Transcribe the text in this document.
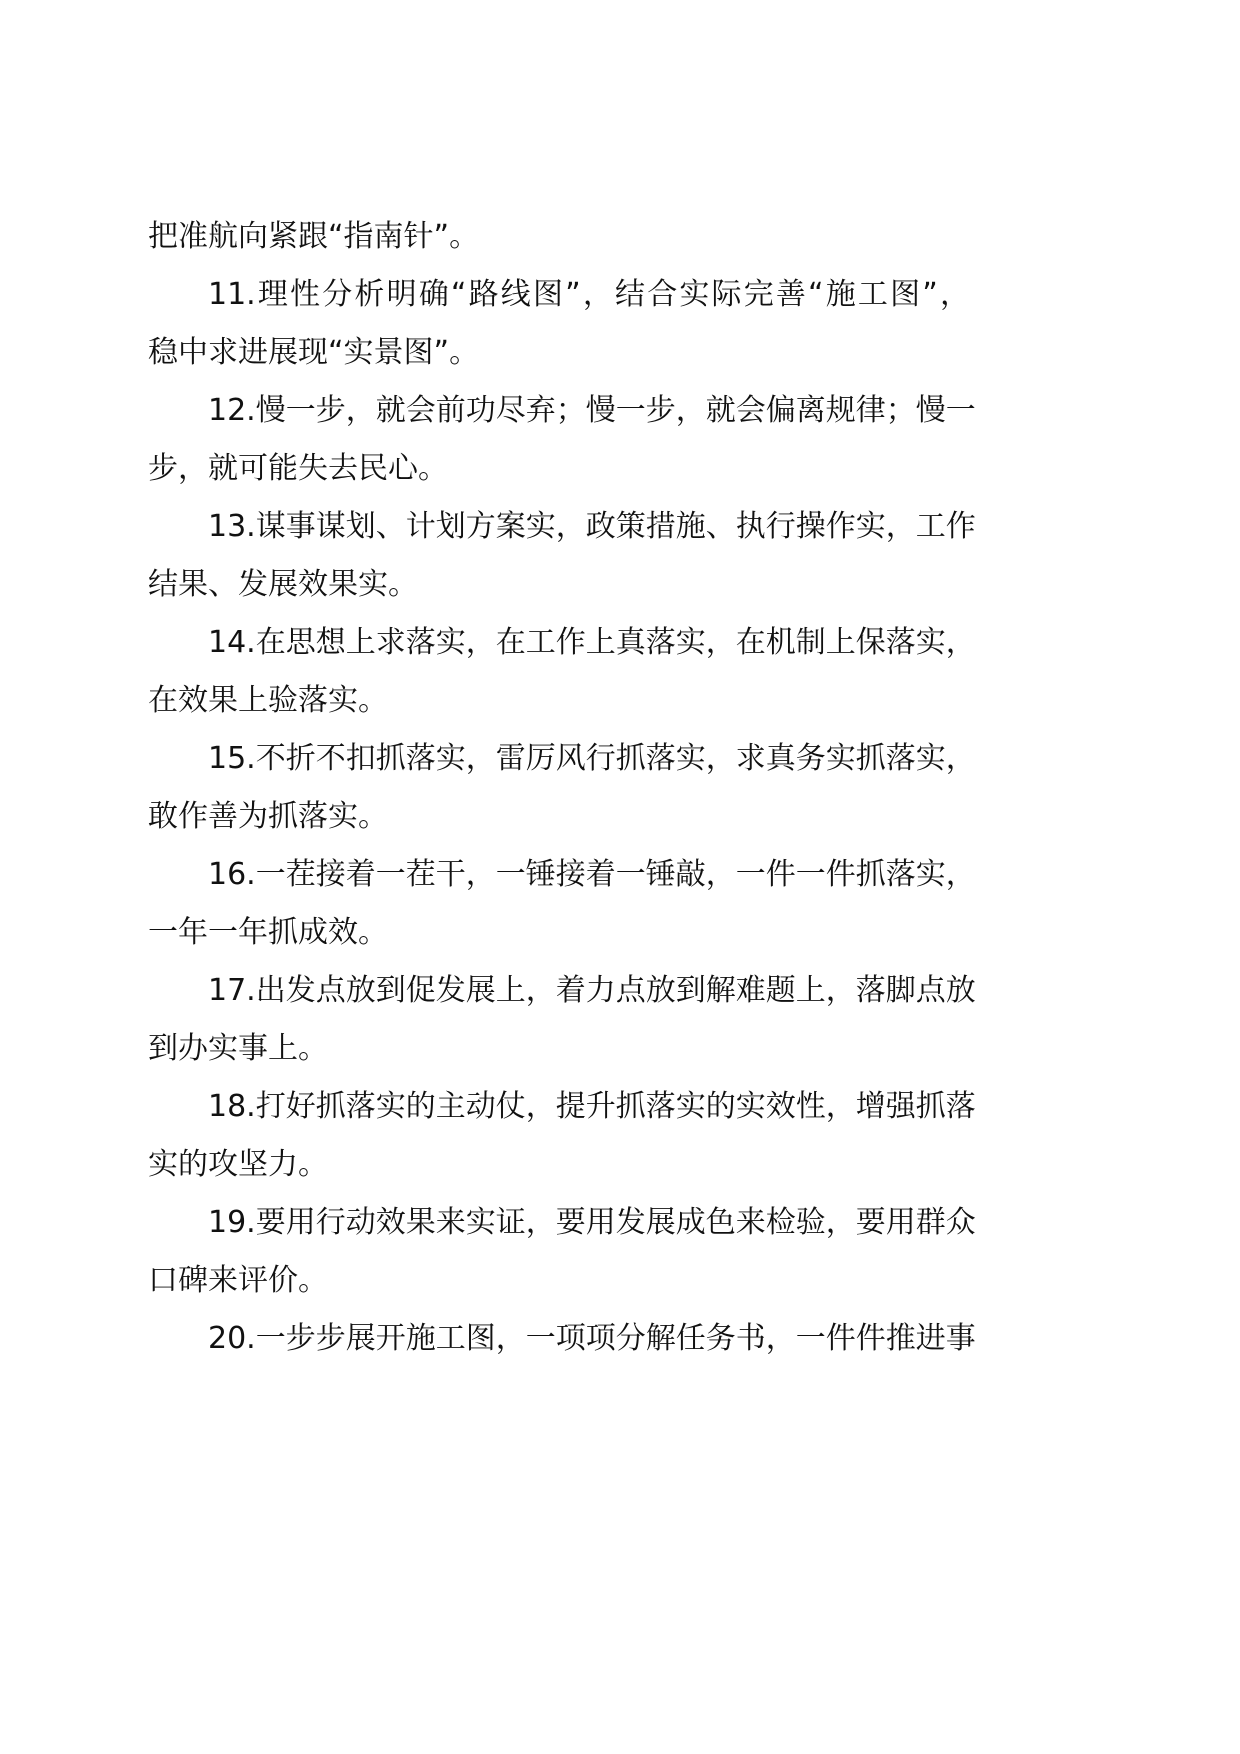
把准航向紧跟“指南针”。
11.理性分析明确“路线图”，结合实际完善“施工图”，
稳中求进展现“实景图”。
12.慢一步，就会前功尽弃；慢一步，就会偏离规律；慢一
步，就可能失去民心。
13.谋事谋划、计划方案实，政策措施、执行操作实，工作
结果、发展效果实。
14.在思想上求落实，在工作上真落实，在机制上保落实，
在效果上验落实。
15.不折不扣抓落实，雷厉风行抓落实，求真务实抓落实，
敢作善为抓落实。
16.一茬接着一茬干，一锤接着一锤敲，一件一件抓落实，
一年一年抓成效。
17.出发点放到促发展上，着力点放到解难题上，落脚点放
到办实事上。
18.打好抓落实的主动仗，提升抓落实的实效性，增强抓落
实的攻坚力。
19.要用行动效果来实证，要用发展成色来检验，要用群众
口碑来评价。
20.一步步展开施工图，一项项分解任务书，一件件推进事
